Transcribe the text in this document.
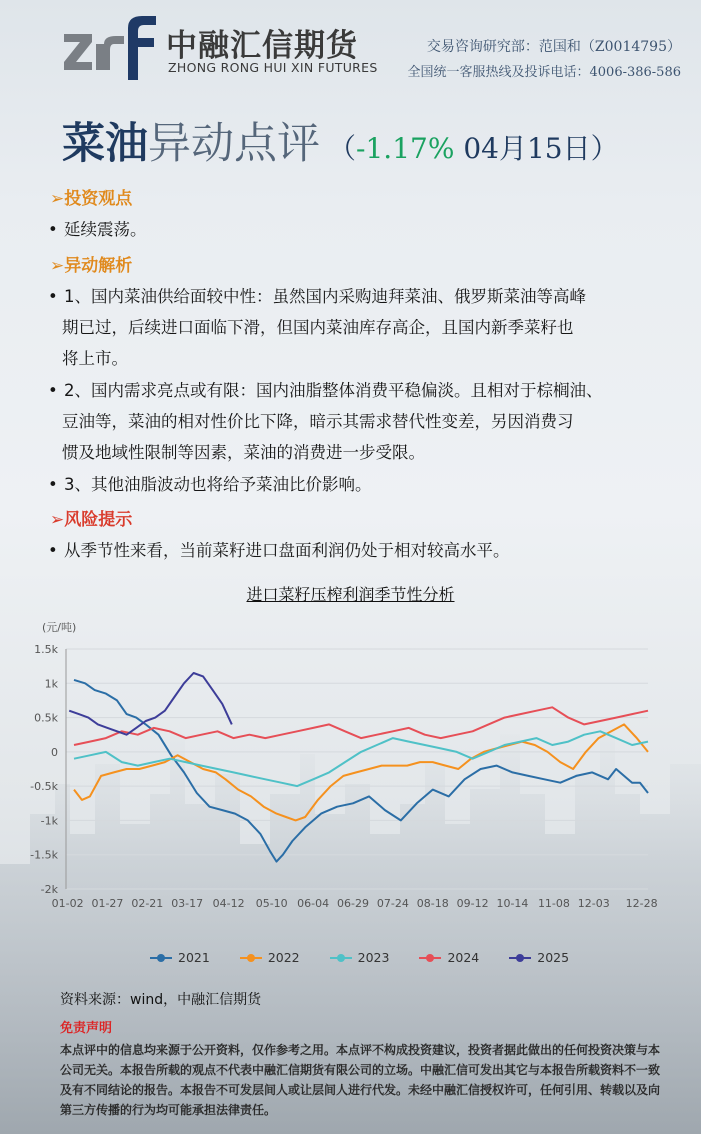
中融汇信期货
ZHONG RONG HUI XIN FUTURES
交易咨询研究部：范国和（Z0014795）
全国统一客服热线及投诉电话：4006-386-586
菜油异动点评 （-1.17% 04月15日）
➢投资观点
• 延续震荡。
➢异动解析
• 1、国内菜油供给面较中性：虽然国内采购迪拜菜油、俄罗斯菜油等高峰
期已过，后续进口面临下滑，但国内菜油库存高企，且国内新季菜籽也
将上市。
• 2、国内需求亮点或有限：国内油脂整体消费平稳偏淡。且相对于棕榈油、
豆油等，菜油的相对性价比下降，暗示其需求替代性变差，另因消费习
惯及地域性限制等因素，菜油的消费进一步受限。
• 3、其他油脂波动也将给予菜油比价影响。
➢风险提示
• 从季节性来看，当前菜籽进口盘面利润仍处于相对较高水平。
进口菜籽压榨利润季节性分析
(元/吨)
1.5k
1k
0.5k
0
-0.5k
-1k
-1.5k
-2k
01-02 01-27 02-21 03-17 04-12 05-10 06-04 06-29 07-24 08-18 09-12 10-14 11-08 12-03 12-28
2021	2022	2023	2024	2025
资料来源：wind，中融汇信期货
免责声明
本点评中的信息均来源于公开资料，仅作参考之用。本点评不构成投资建议，投资者据此做出的任何投资决策与本公司无关。本报告所载的观点不代表中融汇信期货有限公司的立场。中融汇信可发出其它与本报告所载资料不一致及有不同结论的报告。本报告不可发层间人或让层间人进行代发。未经中融汇信授权许可，任何引用、转载以及向第三方传播的行为均可能承担法律责任。
